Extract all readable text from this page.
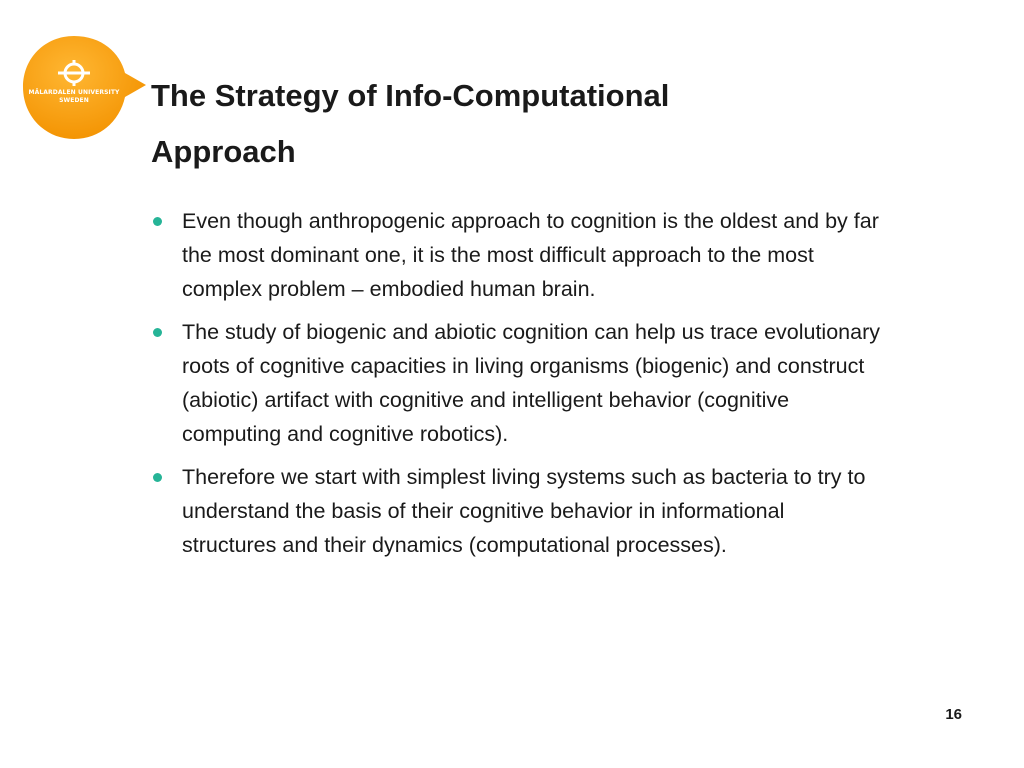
MÄLARDALEN UNIVERSITY
SWEDEN	The Strategy of Info-Computational
Approach
Even though anthropogenic approach to cognition is the oldest and by far the most dominant one, it is the most difficult approach to the most complex problem – embodied human brain.
The study of biogenic and abiotic cognition can help us trace evolutionary roots of cognitive capacities in living organisms (biogenic) and construct (abiotic) artifact with cognitive and intelligent behavior (cognitive computing and cognitive robotics).
Therefore we start with simplest living systems such as bacteria to try to understand the basis of their cognitive behavior in informational structures and their dynamics (computational processes).
16
